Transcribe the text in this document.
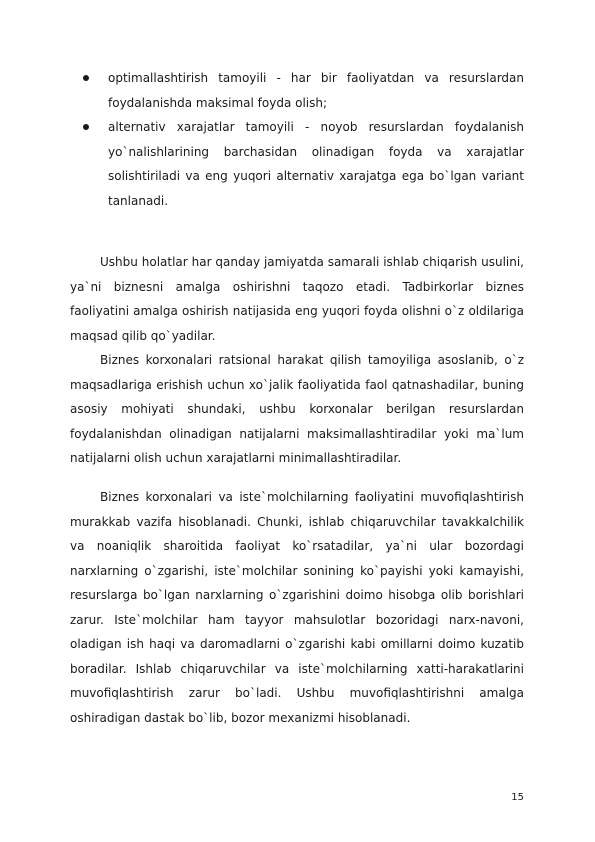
optimallashtirish tamoyili - har bir faoliyatdan va resurslardan foydalanishda maksimal foyda olish;
alternativ xarajatlar tamoyili - noyob resurslardan foydalanish yo`nalishlarining barchasidan olinadigan foyda va xarajatlar solishtiriladi va eng yuqori alternativ xarajatga ega bo`lgan variant tanlanadi.

Ushbu holatlar har qanday jamiyatda samarali ishlab chiqarish usulini, ya`ni biznesni amalga oshirishni taqozo etadi. Tadbirkorlar biznes faoliyatini amalga oshirish natijasida eng yuqori foyda olishni o`z oldilariga maqsad qilib qo`yadilar.

Biznes korxonalari ratsional harakat qilish tamoyiliga asoslanib, o`z maqsadlariga erishish uchun xo`jalik faoliyatida faol qatnashadilar, buning asosiy mohiyati shundaki, ushbu korxonalar berilgan resurslardan foydalanishdan olinadigan natijalarni maksimallashtiradilar yoki ma`lum natijalarni olish uchun xarajatlarni minimallashtiradilar.

Biznes korxonalari va iste`molchilarning faoliyatini muvofiqlashtirish murakkab vazifa hisoblanadi. Chunki, ishlab chiqaruvchilar tavakkalchilik va noaniqlik sharoitida faoliyat ko`rsatadilar, ya`ni ular bozordagi narxlarning o`zgarishi, iste`molchilar sonining ko`payishi yoki kamayishi, resurslarga bo`lgan narxlarning o`zgarishini doimo hisobga olib borishlari zarur. Iste`molchilar ham tayyor mahsulotlar bozoridagi narx-navoni, oladigan ish haqi va daromadlarni o`zgarishi kabi omillarni doimo kuzatib boradilar. Ishlab chiqaruvchilar va iste`molchilarning xatti-harakatlarini muvofiqlashtirish zarur bo`ladi. Ushbu muvofiqlashtirishni amalga oshiradigan dastak bo`lib, bozor mexanizmi hisoblanadi.

15
